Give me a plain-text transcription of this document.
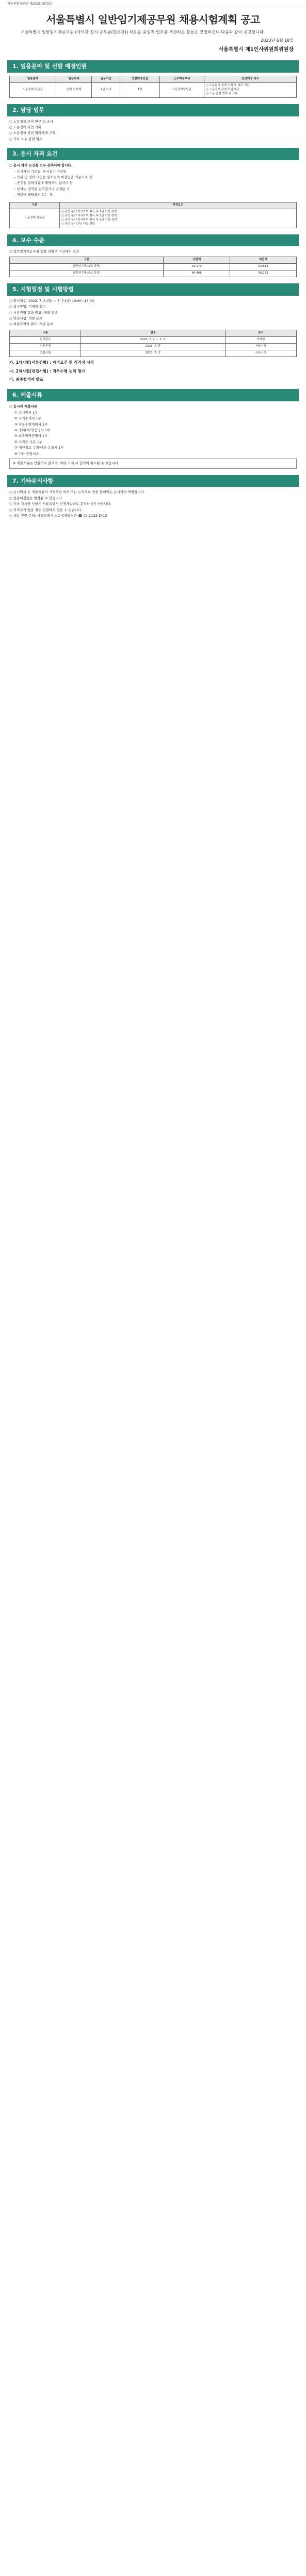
서울특별시공고 제2023-1072호
서울특별시 일반임기제공무원 채용시험계획 공고
서울특별시 일반임기제공무원 (사무관 전시 공무원(전문관)) 채용을 중심적 업무를 추진하는 분들은 모집하오니 다음과 같이 공고합니다.
2023년 6월 18일
서울특별시 제1인사위원회위원장
1. 임용분야 및 선발 예정인원
임용분야	임용형태	임용기간	선발예정인원	근무예정부서	담당예정 직무
노동정책 전문관	일반 임기제	2년 이내	1명	노동정책담당관	○ 노동분야 정책 기획 및 제도 개선
○ 노동정책 관련 사업 추진
○ 노동 관련 협력 및 교류
2. 담당 업무
○ 노동정책 분야 연구 및 조사
○ 노동정책 사업 기획
○ 노동정책 관련 협력체계 구축
○ 기타 노동 관련 업무
3. 응시 자격 요건
○ 응시 자격 요건을 모두 갖추어야 합니다.
- 응시자격 기준일: 원서접수 마감일
- 학위 및 경력 요건은 원서접수 마감일을 기준으로 함
- 공무원 결격사유에 해당하지 않아야 함
- 남자는 병역을 필하였거나 면제된 자
- 정년에 해당하지 않는 자
구분	자격요건
노동정책 전문관	○ 관련 분야 박사학위 취득 후 1년 이상 경력
○ 관련 분야 석사학위 취득 후 3년 이상 경력
○ 관련 분야 학사학위 취득 후 5년 이상 경력
○ 관련 분야 7년 이상 경력
4. 보수 수준
○ 일반임기제공무원 연봉 하한액 이상에서 결정
구분	상한액	하한액
일반임기제 (5급 상당)	92,073	64,513
일반임기제 (6급 상당)	84,466	58,223
5. 시험일정 및 시험방법
○ 원서접수: 2023. 7. 2.(일) ~ 7. 7.(금) 10:00~18:00
○ 접수방법: 이메일 접수
○ 서류전형 결과 발표: 개별 통보
○ 면접시험: 개별 통보
○ 최종합격자 발표: 개별 통보
구분	일정	장소
원서접수	2023. 7. 2. ~ 7. 7.	이메일
서류전형	2023. 7. 중	서울시청
면접시험	2023. 7. 중	서울시청
가. 1차시험(서류전형) : 자격요건 및 적격성 심사
나. 2차시험(면접시험) : 직무수행 능력 평가
다. 최종합격자 발표
6. 제출서류
○ 응시자 제출서류
① 응시원서 1부
② 자기소개서 1부
③ 직무수행계획서 1부
④ 경력(재직)증명서 1부
⑤ 최종학력증명서 1부
⑥ 자격증 사본 1부
⑦ 개인정보 수집·이용 동의서 1부
⑧ 기타 증빙서류
※ 제출서류는 반환하지 않으며, 허위 기재 시 합격이 취소될 수 있습니다.
7. 기타유의사항
○ 응시원서 등 제출서류의 기재사항 착오 또는 누락으로 인한 불이익은 응시자의 책임입니다.
○ 임용예정일은 변경될 수 있습니다.
○ 기타 자세한 사항은 서울특별시 인재개발과로 문의하시기 바랍니다.
○ 적격자가 없을 경우 선발하지 않을 수 있습니다.
○ 채용 관련 문의: 서울특별시 노동정책담당관 ☎ 02-2133-5413
